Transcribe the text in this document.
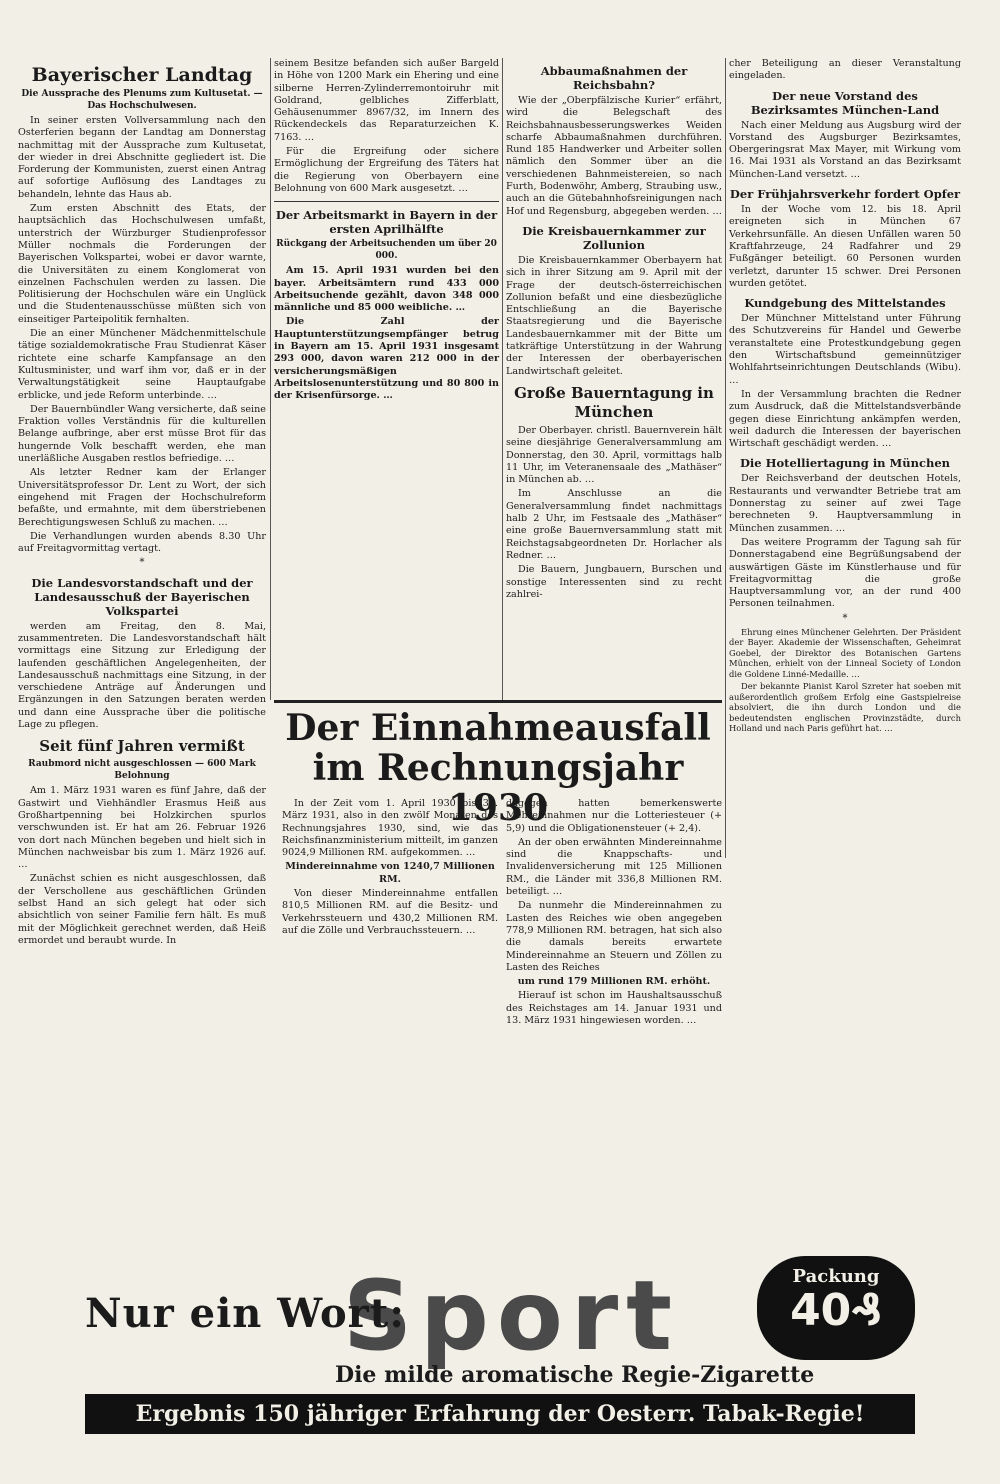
Bayerischer Landtag
Die Aussprache des Plenums zum Kultusetat. — Das Hochschulwesen.

In seiner ersten Vollversammlung nach den Osterferien begann der Landtag am Donnerstag nachmittag mit der Aussprache zum Kultusetat, der wieder in drei Abschnitte gegliedert ist. Die Forderung der Kommunisten, zuerst einen Antrag auf sofortige Auflösung des Landtages zu behandeln, lehnte das Haus ab.

Zum ersten Abschnitt des Etats, der hauptsächlich das Hochschulwesen umfaßt, unterstrich der Würzburger Studienprofessor Müller nochmals die Forderungen der Bayerischen Volkspartei, wobei er davor warnte, die Universitäten zu einem Konglomerat von einzelnen Fachschulen werden zu lassen. Die Politisierung der Hochschulen wäre ein Unglück und die Studentenausschüsse müßten sich von einseitiger Parteipolitik fernhalten.

Die an einer Münchener Mädchenmittelschule tätige sozialdemokratische Frau Studienrat Käser richtete eine scharfe Kampfansage an den Kultusminister, und warf ihm vor, daß er in der Verwaltungstätigkeit seine Hauptaufgabe erblicke, und jede Reform unterbinde. …

Der Bauernbündler Wang versicherte, daß seine Fraktion volles Verständnis für die kulturellen Belange aufbringe, aber erst müsse Brot für das hungernde Volk beschafft werden, ehe man unerläßliche Ausgaben restlos befriedige. …

Als letzter Redner kam der Erlanger Universitätsprofessor Dr. Lent zu Wort, der sich eingehend mit Fragen der Hochschulreform befaßte, und ermahnte, mit dem überstriebenen Berechtigungswesen Schluß zu machen. …

Die Verhandlungen wurden abends 8.30 Uhr auf Freitagvormittag vertagt.

*
Die Landesvorstandschaft und der Landesausschuß der Bayerischen Volkspartei

werden am Freitag, den 8. Mai, zusammentreten. Die Landesvorstandschaft hält vormittags eine Sitzung zur Erledigung der laufenden geschäftlichen Angelegenheiten, der Landesausschuß nachmittags eine Sitzung, in der verschiedene Anträge auf Änderungen und Ergänzungen in den Satzungen beraten werden und dann eine Aussprache über die politische Lage zu pflegen.

Seit fünf Jahren vermißt
Raubmord nicht ausgeschlossen — 600 Mark Belohnung

Am 1. März 1931 waren es fünf Jahre, daß der Gastwirt und Viehhändler Erasmus Heiß aus Großhartpenning bei Holzkirchen spurlos verschwunden ist. Er hat am 26. Februar 1926 von dort nach München begeben und hielt sich in München nachweisbar bis zum 1. März 1926 auf. …

Zunächst schien es nicht ausgeschlossen, daß der Verschollene aus geschäftlichen Gründen selbst Hand an sich gelegt hat oder sich absichtlich von seiner Familie fern hält. Es muß mit der Möglichkeit gerechnet werden, daß Heiß ermordet und beraubt wurde. In

seinem Besitze befanden sich außer Bargeld in Höhe von 1200 Mark ein Ehering und eine silberne Herren-Zylinderremontoiruhr mit Goldrand, gelbliches Zifferblatt, Gehäusenummer 8967/32, im Innern des Rückendeckels das Reparaturzeichen K. 7163. …

Für die Ergreifung oder sichere Ermöglichung der Ergreifung des Täters hat die Regierung von Oberbayern eine Belohnung von 600 Mark ausgesetzt. …

Der Arbeitsmarkt in Bayern in der ersten Aprilhälfte
Rückgang der Arbeitsuchenden um über 20 000.

Am 15. April 1931 wurden bei den bayer. Arbeitsämtern rund 433 000 Arbeitsuchende gezählt, davon 348 000 männliche und 85 000 weibliche. …

Die Zahl der Hauptunterstützungsempfänger betrug in Bayern am 15. April 1931 insgesamt 293 000, davon waren 212 000 in der versicherungsmäßigen Arbeitslosenunterstützung und 80 800 in der Krisenfürsorge. …

Abbaumaßnahmen der Reichsbahn?

Wie der „Oberpfälzische Kurier“ erfährt, wird die Belegschaft des Reichsbahnausbesserungswerkes Weiden scharfe Abbaumaßnahmen durchführen. Rund 185 Handwerker und Arbeiter sollen nämlich den Sommer über an die verschiedenen Bahnmeistereien, so nach Furth, Bodenwöhr, Amberg, Straubing usw., auch an die Gütebahnhofsreinigungen nach Hof und Regensburg, abgegeben werden. …

Die Kreisbauernkammer zur Zollunion

Die Kreisbauernkammer Oberbayern hat sich in ihrer Sitzung am 9. April mit der Frage der deutsch-österreichischen Zollunion befaßt und eine diesbezügliche Entschließung an die Bayerische Staatsregierung und die Bayerische Landesbauernkammer mit der Bitte um tatkräftige Unterstützung in der Wahrung der Interessen der oberbayerischen Landwirtschaft geleitet.

Große Bauerntagung in München

Der Oberbayer. christl. Bauernverein hält seine diesjährige Generalversammlung am Donnerstag, den 30. April, vormittags halb 11 Uhr, im Veteranensaale des „Mathäser“ in München ab. …

Im Anschlusse an die Generalversammlung findet nachmittags halb 2 Uhr, im Festsaale des „Mathäser“ eine große Bauernversammlung statt mit Reichstagsabgeordneten Dr. Horlacher als Redner. …

Die Bauern, Jungbauern, Burschen und sonstige Interessenten sind zu recht zahlrei-

cher Beteiligung an dieser Veranstaltung eingeladen.

Der neue Vorstand des Bezirksamtes München-Land

Nach einer Meldung aus Augsburg wird der Vorstand des Augsburger Bezirksamtes, Obergeringsrat Max Mayer, mit Wirkung vom 16. Mai 1931 als Vorstand an das Bezirksamt München-Land versetzt. …

Der Frühjahrsverkehr fordert Opfer

In der Woche vom 12. bis 18. April ereigneten sich in München 67 Verkehrsunfälle. An diesen Unfällen waren 50 Kraftfahrzeuge, 24 Radfahrer und 29 Fußgänger beteiligt. 60 Personen wurden verletzt, darunter 15 schwer. Drei Personen wurden getötet.

Kundgebung des Mittelstandes

Der Münchner Mittelstand unter Führung des Schutzvereins für Handel und Gewerbe veranstaltete eine Protestkundgebung gegen den Wirtschaftsbund gemeinnütziger Wohlfahrtseinrichtungen Deutschlands (Wibu). …

In der Versammlung brachten die Redner zum Ausdruck, daß die Mittelstandsverbände gegen diese Einrichtung ankämpfen werden, weil dadurch die Interessen der bayerischen Wirtschaft geschädigt werden. …

Die Hotelliertagung in München

Der Reichsverband der deutschen Hotels, Restaurants und verwandter Betriebe trat am Donnerstag zu seiner auf zwei Tage berechneten 9. Hauptversammlung in München zusammen. …

Das weitere Programm der Tagung sah für Donnerstagabend eine Begrüßungsabend der auswärtigen Gäste im Künstlerhause und für Freitagvormittag die große Hauptversammlung vor, an der rund 400 Personen teilnahmen.

*

Ehrung eines Münchener Gelehrten. Der Präsident der Bayer. Akademie der Wissenschaften, Geheimrat Goebel, der Direktor des Botanischen Gartens München, erhielt von der Linneal Society of London die Goldene Linné-Medaille. …

Der bekannte Pianist Karol Szreter hat soeben mit außerordentlich großem Erfolg eine Gastspielreise absolviert, die ihn durch London und die bedeutendsten englischen Provinzstädte, durch Holland und nach Paris geführt hat. …

Der Einnahmeausfall im Rechnungsjahr 1930

In der Zeit vom 1. April 1930 bis 31. März 1931, also in den zwölf Monaten des Rechnungsjahres 1930, sind, wie das Reichsfinanzministerium mitteilt, im ganzen 9024,9 Millionen RM. aufgekommen. …

Mindereinnahme von 1240,7 Millionen RM.

Von dieser Mindereinnahme entfallen 810,5 Millionen RM. auf die Besitz- und Verkehrssteuern und 430,2 Millionen RM. auf die Zölle und Verbrauchssteuern. …

dagegen hatten bemerkenswerte Mehreinnahmen nur die Lotteriesteuer (+ 5,9) und die Obligationensteuer (+ 2,4).

An der oben erwähnten Mindereinnahme sind die Knappschafts- und Invalidenversicherung mit 125 Millionen RM., die Länder mit 336,8 Millionen RM. beteiligt. …

Da nunmehr die Mindereinnahmen zu Lasten des Reiches wie oben angegeben 778,9 Millionen RM. betragen, hat sich also die damals bereits erwartete Mindereinnahme an Steuern und Zöllen zu Lasten des Reiches

um rund 179 Millionen RM. erhöht.

Hierauf ist schon im Haushaltsausschuß des Reichstages am 14. Januar 1931 und 13. März 1931 hingewiesen worden. …

Sport
Nur ein Wort:
Packung
40₰
Die milde aromatische Regie-Zigarette
Ergebnis 150 jähriger Erfahrung der Oesterr. Tabak-Regie!
